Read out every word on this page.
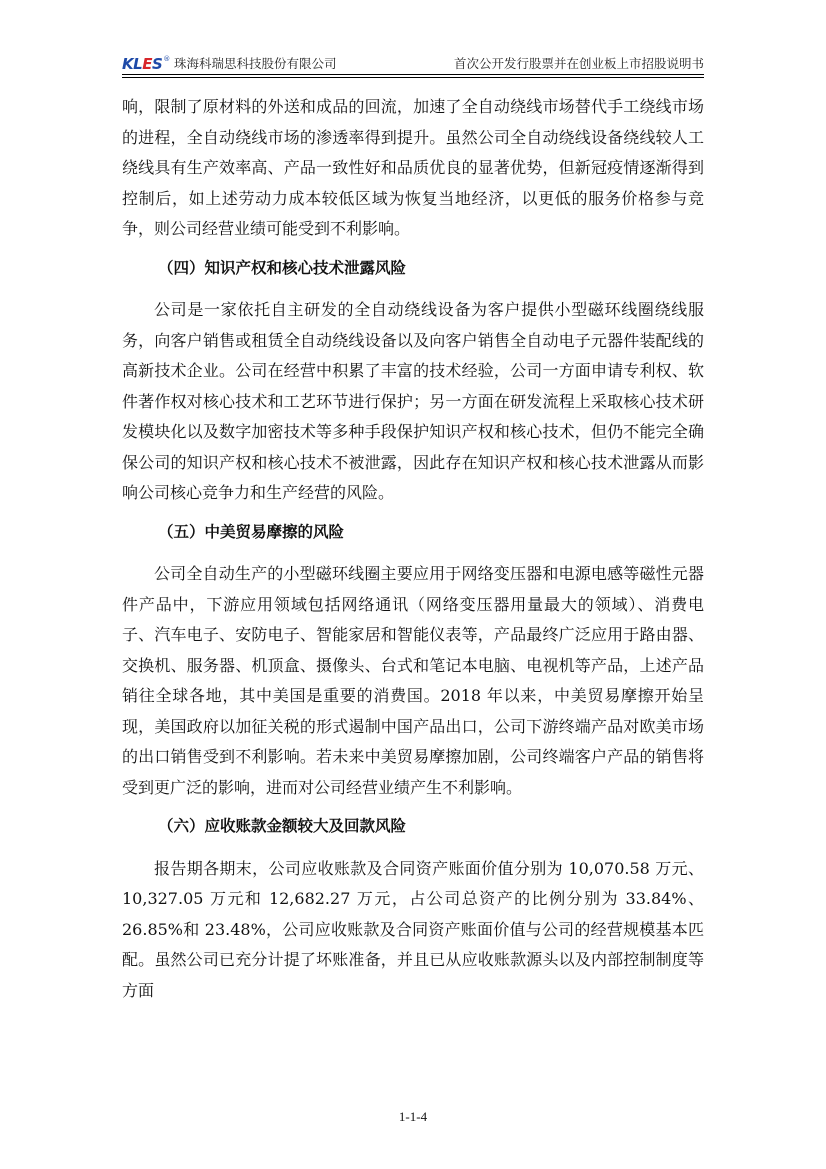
KLES ® 珠海科瑞思科技股份有限公司	首次公开发行股票并在创业板上市招股说明书

响，限制了原材料的外送和成品的回流，加速了全自动绕线市场替代手工绕线市场的进程，全自动绕线市场的渗透率得到提升。虽然公司全自动绕线设备绕线较人工绕线具有生产效率高、产品一致性好和品质优良的显著优势，但新冠疫情逐渐得到控制后，如上述劳动力成本较低区域为恢复当地经济，以更低的服务价格参与竞争，则公司经营业绩可能受到不利影响。

（四）知识产权和核心技术泄露风险

公司是一家依托自主研发的全自动绕线设备为客户提供小型磁环线圈绕线服务，向客户销售或租赁全自动绕线设备以及向客户销售全自动电子元器件装配线的高新技术企业。公司在经营中积累了丰富的技术经验，公司一方面申请专利权、软件著作权对核心技术和工艺环节进行保护；另一方面在研发流程上采取核心技术研发模块化以及数字加密技术等多种手段保护知识产权和核心技术，但仍不能完全确保公司的知识产权和核心技术不被泄露，因此存在知识产权和核心技术泄露从而影响公司核心竞争力和生产经营的风险。

（五）中美贸易摩擦的风险

公司全自动生产的小型磁环线圈主要应用于网络变压器和电源电感等磁性元器件产品中，下游应用领域包括网络通讯（网络变压器用量最大的领域）、消费电子、汽车电子、安防电子、智能家居和智能仪表等，产品最终广泛应用于路由器、交换机、服务器、机顶盒、摄像头、台式和笔记本电脑、电视机等产品，上述产品销往全球各地，其中美国是重要的消费国。2018 年以来，中美贸易摩擦开始呈现，美国政府以加征关税的形式遏制中国产品出口，公司下游终端产品对欧美市场的出口销售受到不利影响。若未来中美贸易摩擦加剧，公司终端客户产品的销售将受到更广泛的影响，进而对公司经营业绩产生不利影响。

（六）应收账款金额较大及回款风险

报告期各期末，公司应收账款及合同资产账面价值分别为 10,070.58 万元、10,327.05 万元和 12,682.27 万元，占公司总资产的比例分别为 33.84%、26.85%和 23.48%，公司应收账款及合同资产账面价值与公司的经营规模基本匹配。虽然公司已充分计提了坏账准备，并且已从应收账款源头以及内部控制制度等方面

1-1-4
